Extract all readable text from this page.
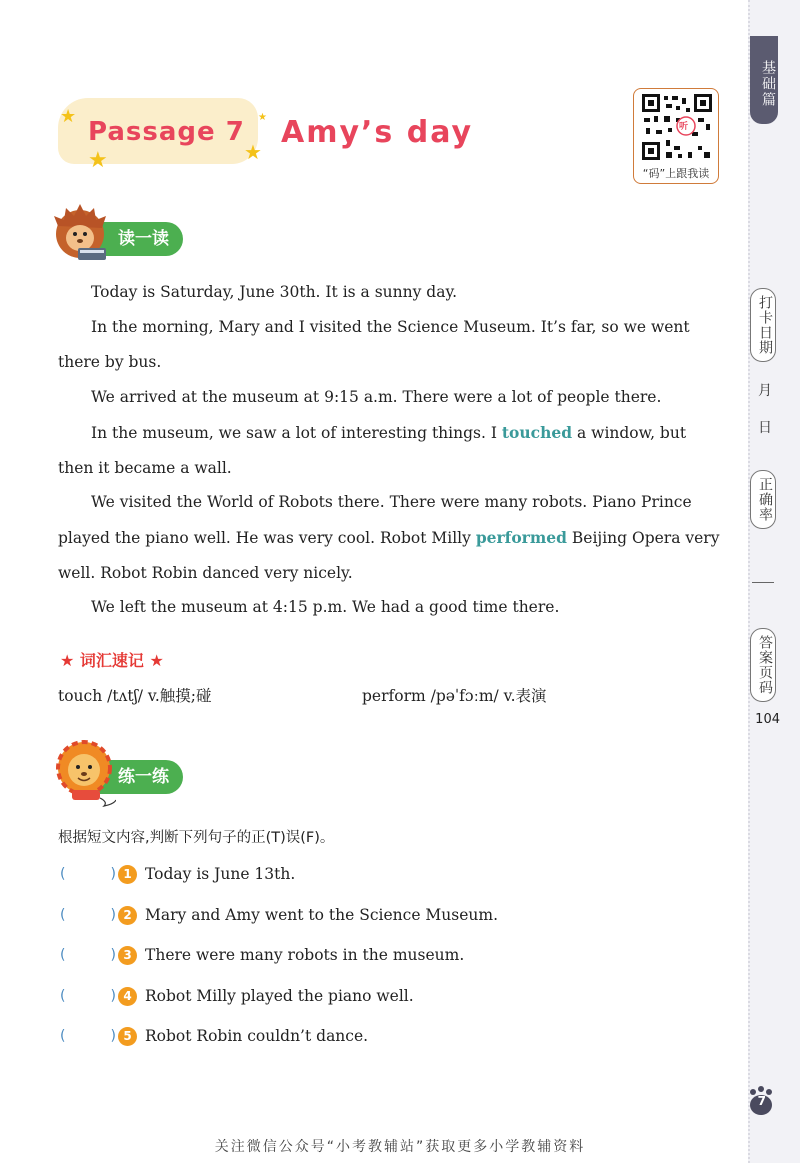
基础篇
打卡日期
月
日
正确率
答案页码
104
7
★
★	★
★
Passage 7 Amy’s day	听
“码”上跟我读
读一读
Today is Saturday, June 30th. It is a sunny day.
In the morning, Mary and I visited the Science Museum. It’s far, so we went there by bus.
We arrived at the museum at 9:15 a.m. There were a lot of people there.
In the museum, we saw a lot of interesting things. I touched a window, but then it became a wall.
We visited the World of Robots there. There were many robots. Piano Prince played the piano well. He was very cool. Robot Milly performed Beijing Opera very well. Robot Robin danced very nicely.
We left the museum at 4:15 p.m. We had a good time there.
★ 词汇速记 ★
touch /tʌtʃ/ v.触摸;碰	perform /pəˈfɔːm/ v.表演
练一练
根据短文内容,判断下列句子的正(T)误(F)。
(	) 1 Today is June 13th.
(	) 2 Mary and Amy went to the Science Museum.
(	) 3 There were many robots in the museum.
(	) 4 Robot Milly played the piano well.
(	) 5 Robot Robin couldn’t dance.
关注微信公众号“小考教辅站”获取更多小学教辅资料
